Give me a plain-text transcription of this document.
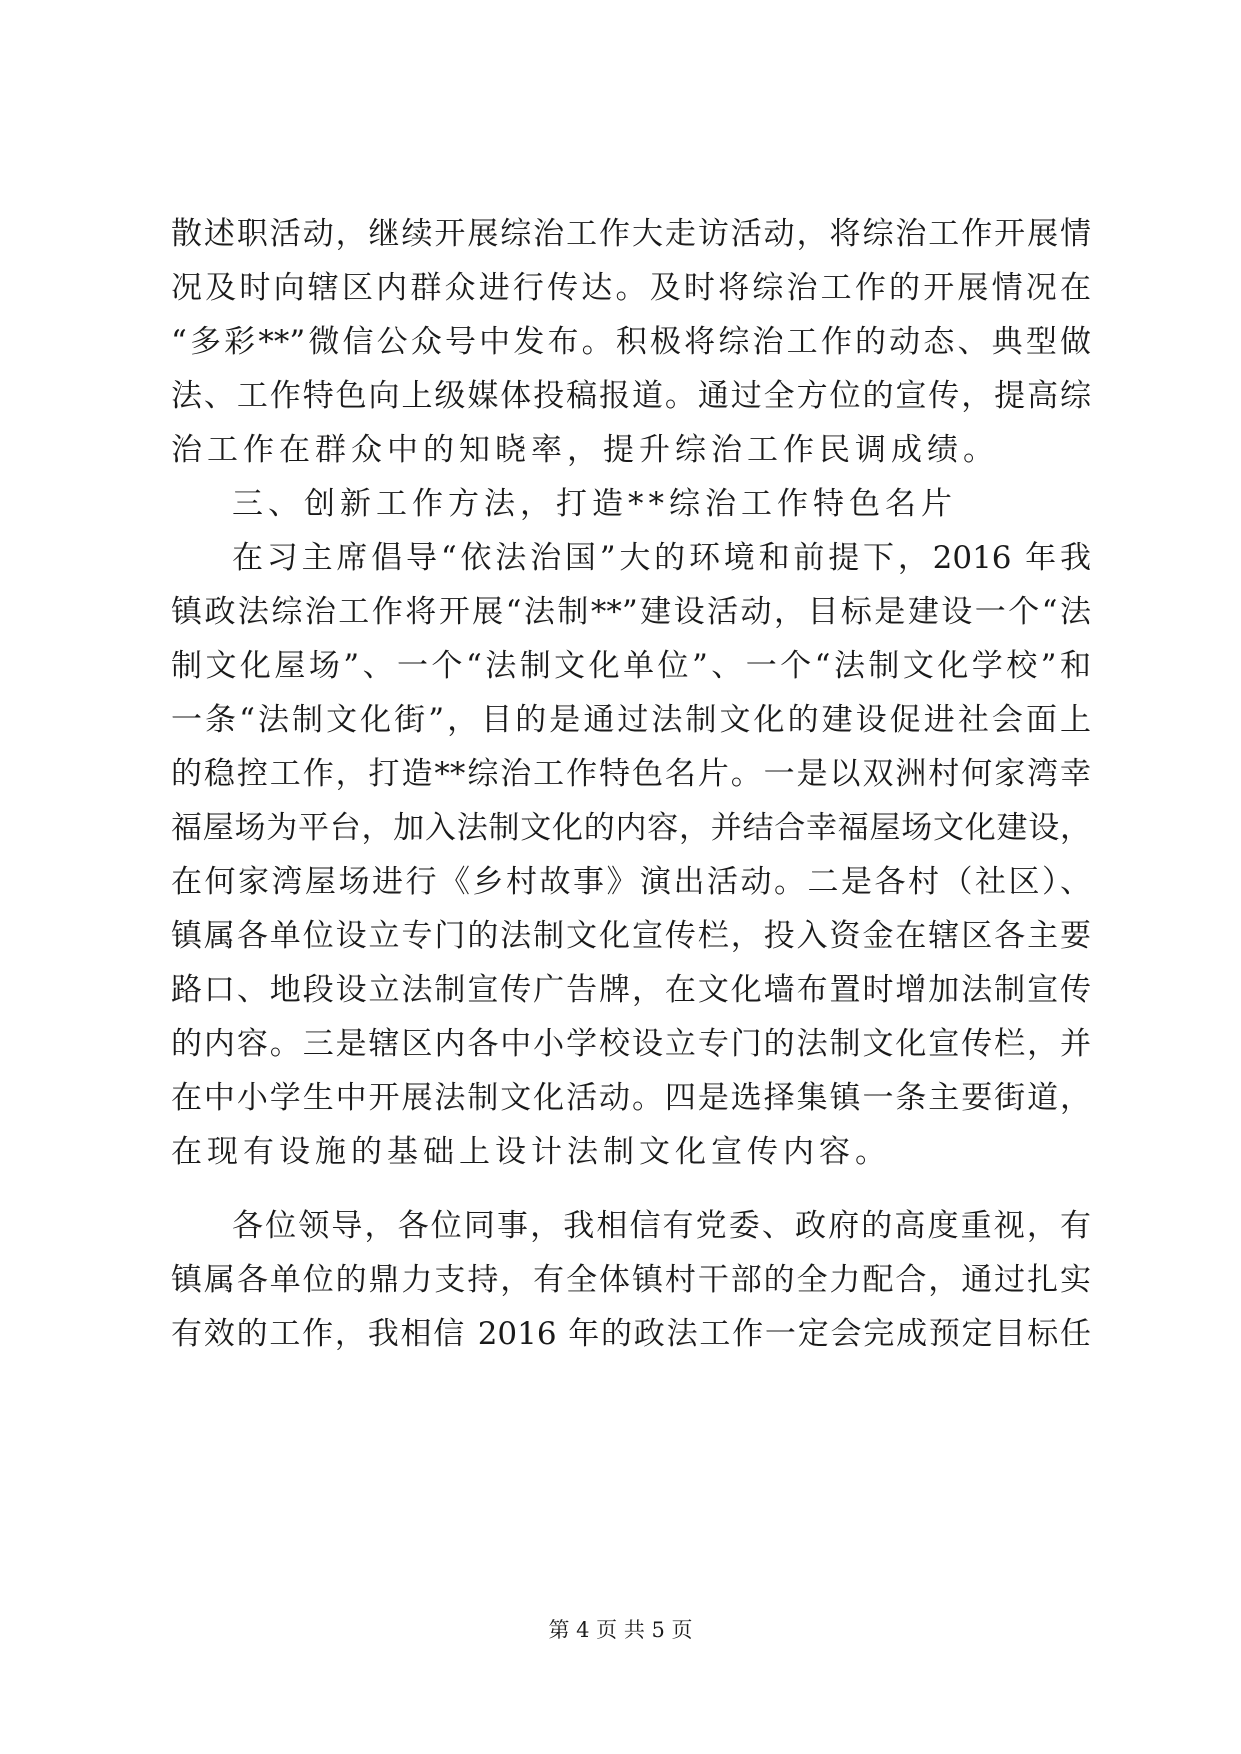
散述职活动，继续开展综治工作大走访活动，将综治工作开展情
况及时向辖区内群众进行传达。及时将综治工作的开展情况在
“多彩**”微信公众号中发布。积极将综治工作的动态、典型做
法、工作特色向上级媒体投稿报道。通过全方位的宣传，提高综
治工作在群众中的知晓率，提升综治工作民调成绩。
三、创新工作方法，打造**综治工作特色名片
在习主席倡导“依法治国”大的环境和前提下，2016 年我
镇政法综治工作将开展“法制**”建设活动，目标是建设一个“法
制文化屋场”、一个“法制文化单位”、一个“法制文化学校”和
一条“法制文化街”，目的是通过法制文化的建设促进社会面上
的稳控工作，打造**综治工作特色名片。一是以双洲村何家湾幸
福屋场为平台，加入法制文化的内容，并结合幸福屋场文化建设，
在何家湾屋场进行《乡村故事》演出活动。二是各村（社区）、
镇属各单位设立专门的法制文化宣传栏，投入资金在辖区各主要
路口、地段设立法制宣传广告牌，在文化墙布置时增加法制宣传
的内容。三是辖区内各中小学校设立专门的法制文化宣传栏，并
在中小学生中开展法制文化活动。四是选择集镇一条主要街道，
在现有设施的基础上设计法制文化宣传内容。
各位领导，各位同事，我相信有党委、政府的高度重视，有
镇属各单位的鼎力支持，有全体镇村干部的全力配合，通过扎实
有效的工作，我相信 2016 年的政法工作一定会完成预定目标任
第 4 页 共 5 页
